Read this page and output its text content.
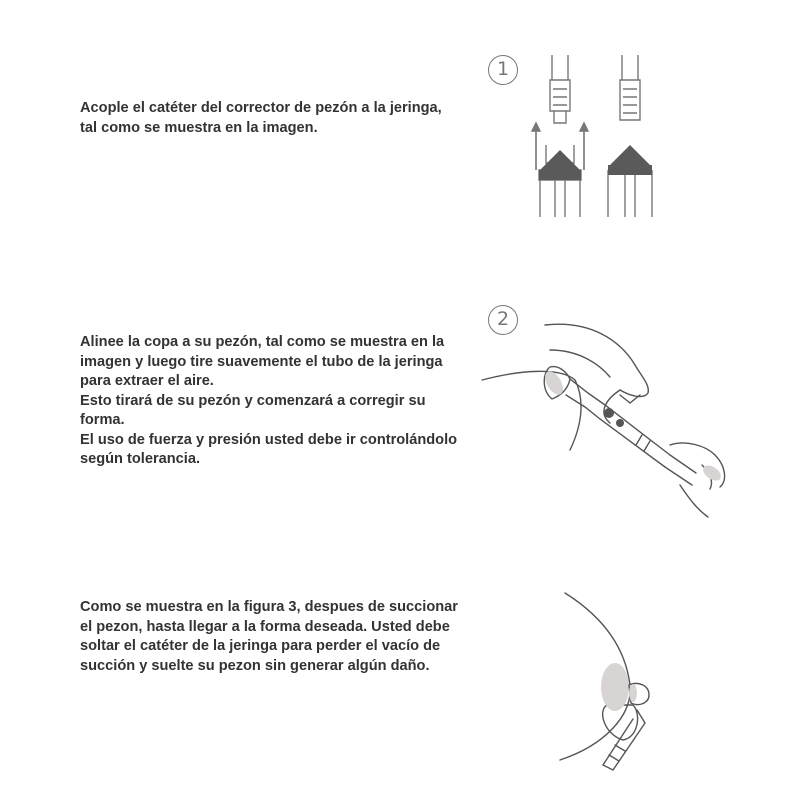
Acople el catéter del corrector de pezón a la jeringa,

tal como se muestra en la imagen.

1

Alinee la copa a su pezón, tal como se muestra en la

imagen y luego tire suavemente el tubo de la jeringa

para extraer el aire.

Esto tirará de su pezón y comenzará a corregir su

forma.

El uso de fuerza y presión usted debe ir controlándolo

según tolerancia.

2

Como se muestra en la figura 3, despues de succionar

el pezon, hasta llegar a la forma deseada. Usted debe

soltar el catéter de la jeringa para perder el vacío de

succión y suelte su pezon sin generar algún daño.
